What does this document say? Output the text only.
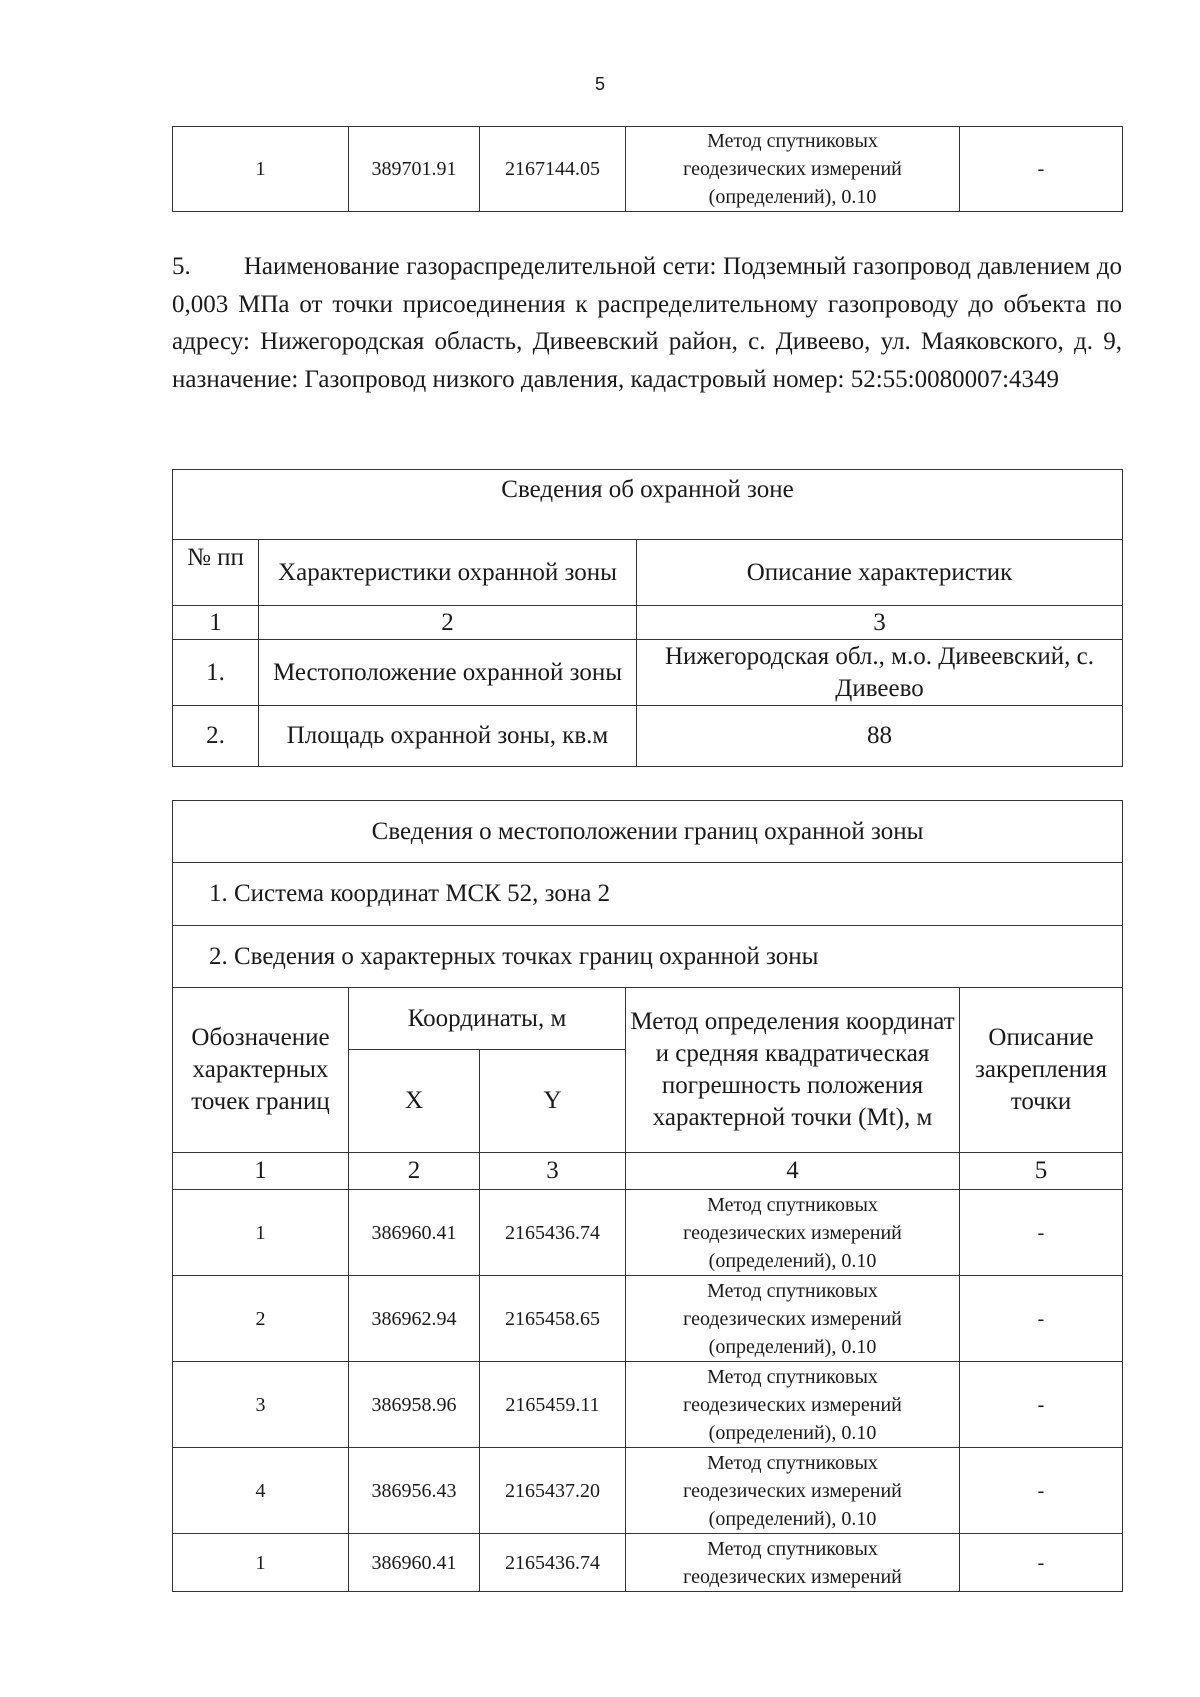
5
1	389701.91	2167144.05	
Метод спутниковых
геодезических измерений
(определений), 0.10
	-

5.        Наименование газораспределительной сети: Подземный газопровод давлением до 0,003 МПа от точки присоединения к распределительному газопроводу до объекта по адресу: Нижегородская область, Дивеевский район, с. Дивеево, ул. Маяковского, д. 9, назначение: Газопровод низкого давления, кадастровый номер: 52:55:0080007:4349

Сведения об охранной зоне		
№ пп	Характеристики охранной зоны	Описание характеристик
1	2	3
1.	Местоположение охранной зоны	Нижегородская обл., м.о. Дивеевский, с. Дивеево
2.	Площадь охранной зоны, кв.м	88
Сведения о местоположении границ охранной зоны				
1. Система координат МСК 52, зона 2				
2. Сведения о характерных точках границ охранной зоны				
Обозначение характерных точек границ	Координаты, м		Метод определения координат и средняя квадратическая погрешность положения характерной точки (Mt), м	Описание закрепления точки
	X	Y		
1	2	3	4	5
1	386960.41	2165436.74	Метод спутниковых
геодезических измерений
(определений), 0.10	-
2	386962.94	2165458.65	Метод спутниковых
геодезических измерений
(определений), 0.10	-
3	386958.96	2165459.11	Метод спутниковых
геодезических измерений
(определений), 0.10	-
4	386956.43	2165437.20	Метод спутниковых
геодезических измерений
(определений), 0.10	-
1	386960.41	2165436.74	Метод спутниковых
геодезических измерений	-
